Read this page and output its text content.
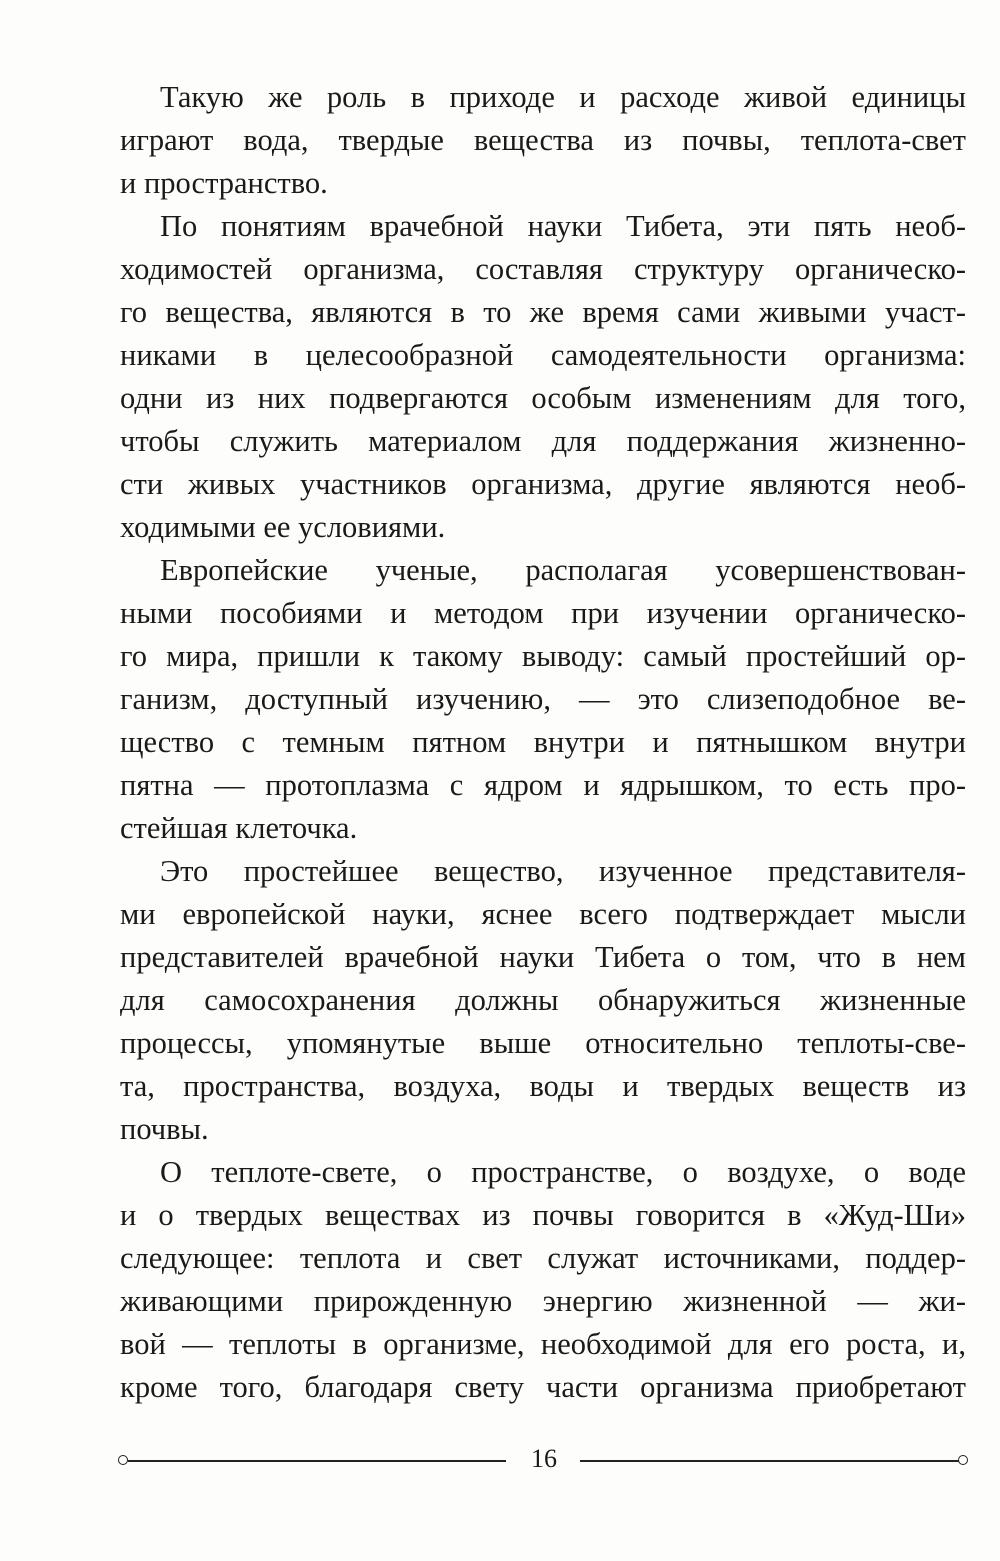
Такую же роль в приходе и расходе живой единицы
играют вода, твердые вещества из почвы, теплота-свет
и пространство.
По понятиям врачебной науки Тибета, эти пять необ-
ходимостей организма, составляя структуру органическо-
го вещества, являются в то же время сами живыми участ-
никами в целесообразной самодеятельности организма:
одни из них подвергаются особым изменениям для того,
чтобы служить материалом для поддержания жизненно-
сти живых участников организма, другие являются необ-
ходимыми ее условиями.
Европейские ученые, располагая усовершенствован-
ными пособиями и методом при изучении органическо-
го мира, пришли к такому выводу: самый простейший ор-
ганизм, доступный изучению, — это слизеподобное ве-
щество с темным пятном внутри и пятнышком внутри
пятна — протоплазма с ядром и ядрышком, то есть про-
стейшая клеточка.
Это простейшее вещество, изученное представителя-
ми европейской науки, яснее всего подтверждает мысли
представителей врачебной науки Тибета о том, что в нем
для самосохранения должны обнаружиться жизненные
процессы, упомянутые выше относительно теплоты-све-
та, пространства, воздуха, воды и твердых веществ из
почвы.
О теплоте-свете, о пространстве, о воздухе, о воде
и о твердых веществах из почвы говорится в «Жуд-Ши»
следующее: теплота и свет служат источниками, поддер-
живающими прирожденную энергию жизненной — жи-
вой — теплоты в организме, необходимой для его роста, и,
кроме того, благодаря свету части организма приобретают
16
